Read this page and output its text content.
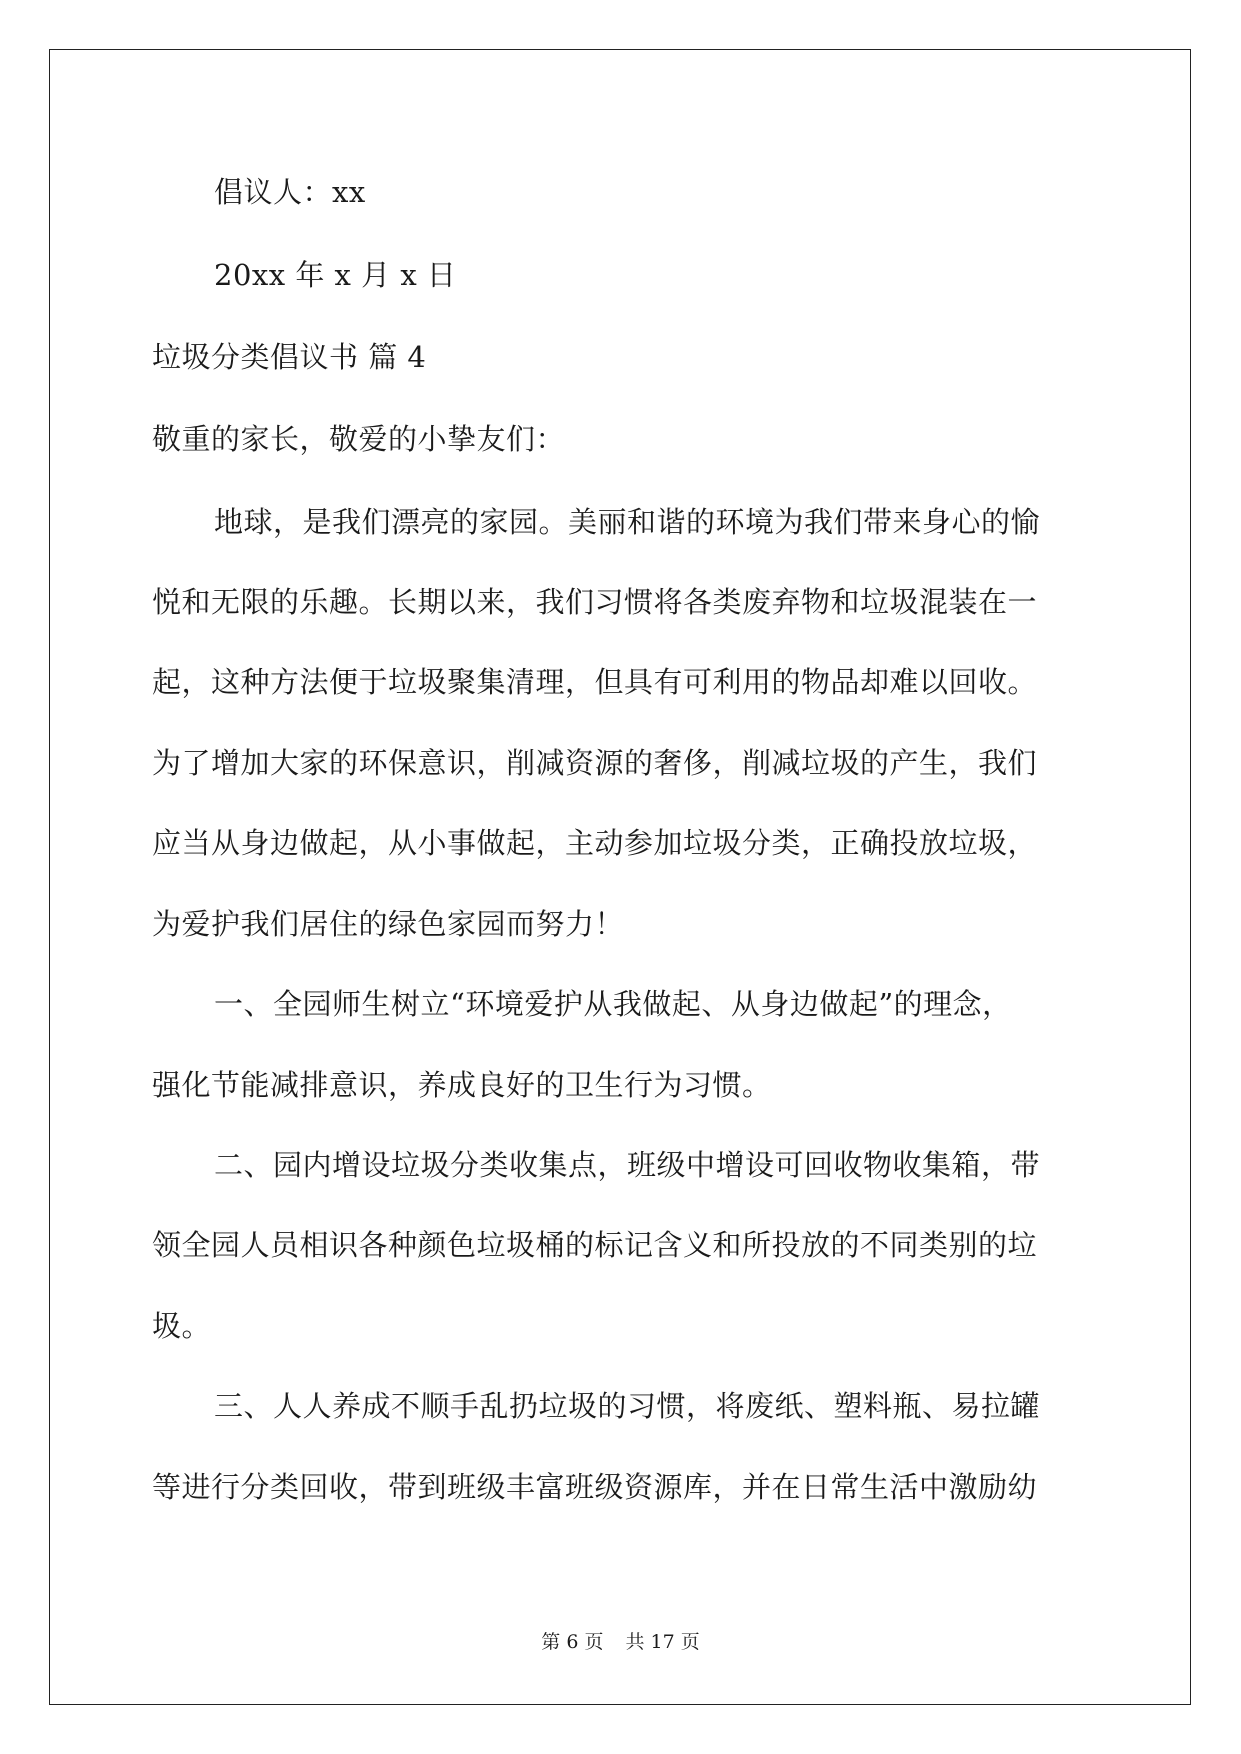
倡议人：xx
20xx 年 x 月 x 日
垃圾分类倡议书 篇 4
敬重的家长，敬爱的小挚友们：
地球，是我们漂亮的家园。美丽和谐的环境为我们带来身心的愉
悦和无限的乐趣。长期以来，我们习惯将各类废弃物和垃圾混装在一
起，这种方法便于垃圾聚集清理，但具有可利用的物品却难以回收。
为了增加大家的环保意识，削减资源的奢侈，削减垃圾的产生，我们
应当从身边做起，从小事做起，主动参加垃圾分类，正确投放垃圾，
为爱护我们居住的绿色家园而努力！
一、全园师生树立“环境爱护从我做起、从身边做起”的理念，
强化节能减排意识，养成良好的卫生行为习惯。
二、园内增设垃圾分类收集点，班级中增设可回收物收集箱，带
领全园人员相识各种颜色垃圾桶的标记含义和所投放的不同类别的垃
圾。
三、人人养成不顺手乱扔垃圾的习惯，将废纸、塑料瓶、易拉罐
等进行分类回收，带到班级丰富班级资源库，并在日常生活中激励幼
第 6 页 共 17 页
